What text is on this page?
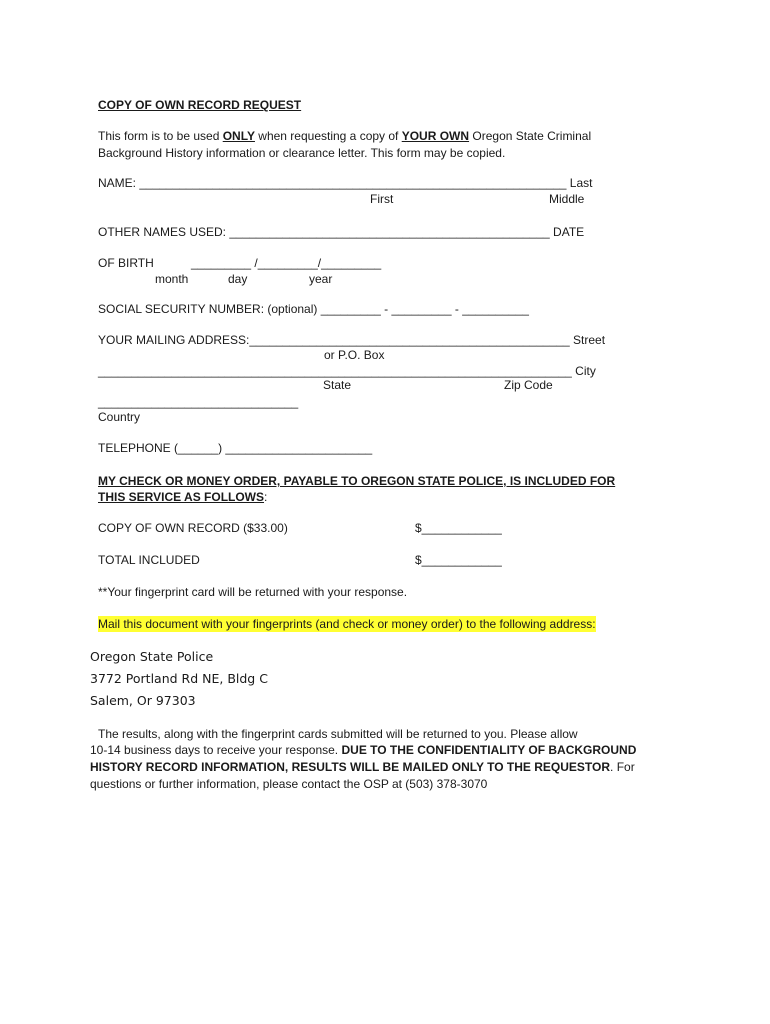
COPY OF OWN RECORD REQUEST
This form is to be used ONLY when requesting a copy of YOUR OWN Oregon State Criminal
Background History information or clearance letter. This form may be copied.
NAME: ________________________________________________________________ Last
First	Middle
OTHER NAMES USED: ________________________________________________ DATE
OF BIRTH	_________ /_________/_________
month	day	year
SOCIAL SECURITY NUMBER: (optional) _________ - _________ - __________
YOUR MAILING ADDRESS:________________________________________________ Street
or P.O. Box
_______________________________________________________________________ City
State	Zip Code
______________________________
Country
TELEPHONE (______) ______________________
MY CHECK OR MONEY ORDER, PAYABLE TO OREGON STATE POLICE, IS INCLUDED FOR
THIS SERVICE AS FOLLOWS:
COPY OF OWN RECORD ($33.00)	$____________
TOTAL INCLUDED	$____________
**Your fingerprint card will be returned with your response.
Mail this document with your fingerprints (and check or money order) to the following address:
Oregon State Police
3772 Portland Rd NE, Bldg C
Salem, Or 97303
The results, along with the fingerprint cards submitted will be returned to you. Please allow
10-14 business days to receive your response. DUE TO THE CONFIDENTIALITY OF BACKGROUND
HISTORY RECORD INFORMATION, RESULTS WILL BE MAILED ONLY TO THE REQUESTOR. For
questions or further information, please contact the OSP at (503) 378-3070
